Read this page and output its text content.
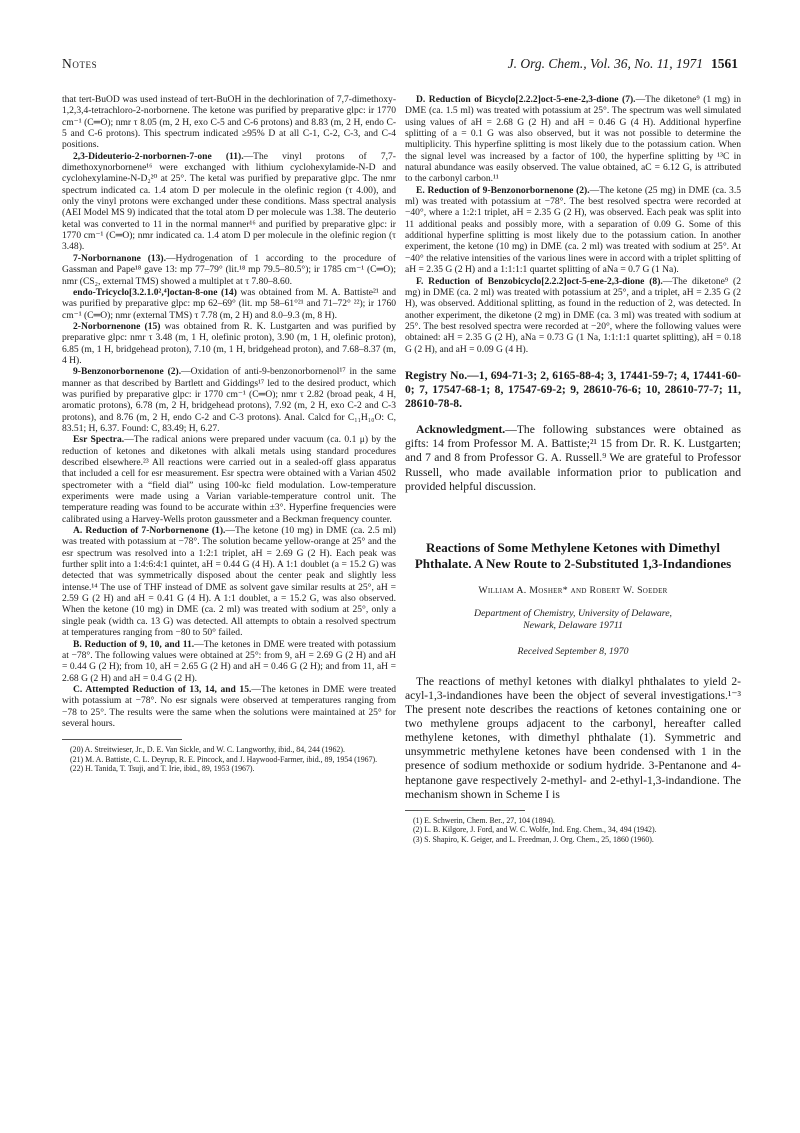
Notes	J. Org. Chem., Vol. 36, No. 11, 1971 1561

that tert-BuOD was used instead of tert-BuOH in the dechlorination of 7,7-dimethoxy-1,2,3,4-tetrachloro-2-norbornene. The ketone was purified by preparative glpc: ir 1770 cm⁻¹ (C═O); nmr τ 8.05 (m, 2 H, exo C-5 and C-6 protons) and 8.83 (m, 2 H, endo C-5 and C-6 protons). This spectrum indicated ≥95% D at all C-1, C-2, C-3, and C-4 positions.

2,3-Dideuterio-2-norbornen-7-one (11).—The vinyl protons of 7,7-dimethoxynorbornene¹⁶ were exchanged with lithium cyclohexylamide-N-D and cyclohexylamine-N-D₂²⁰ at 25°. The ketal was purified by preparative glpc. The nmr spectrum indicated ca. 1.4 atom D per molecule in the olefinic region (τ 4.00), and only the vinyl protons were exchanged under these conditions. Mass spectral analysis (AEI Model MS 9) indicated that the total atom D per molecule was 1.38. The deuterio ketal was converted to 11 in the normal manner¹⁶ and purified by preparative glpc: ir 1770 cm⁻¹ (C═O); nmr indicated ca. 1.4 atom D per molecule in the olefinic region (τ 3.48).

7-Norbornanone (13).—Hydrogenation of 1 according to the procedure of Gassman and Pape¹⁸ gave 13: mp 77–79° (lit.¹⁸ mp 79.5–80.5°); ir 1785 cm⁻¹ (C═O); nmr (CS₂, external TMS) showed a multiplet at τ 7.80–8.60.

endo-Tricyclo[3.2.1.0²,⁴]octan-8-one (14) was obtained from M. A. Battiste²¹ and was purified by preparative glpc: mp 62–69° (lit. mp 58–61°²¹ and 71–72° ²²); ir 1760 cm⁻¹ (C═O); nmr (external TMS) τ 7.78 (m, 2 H) and 8.0–9.3 (m, 8 H).

2-Norbornenone (15) was obtained from R. K. Lustgarten and was purified by preparative glpc: nmr τ 3.48 (m, 1 H, olefinic proton), 3.90 (m, 1 H, olefinic proton), 6.85 (m, 1 H, bridgehead proton), 7.10 (m, 1 H, bridgehead proton), and 7.68–8.37 (m, 4 H).

9-Benzonorbornenone (2).—Oxidation of anti-9-benzonorbornenol¹⁷ in the same manner as that described by Bartlett and Giddings¹⁷ led to the desired product, which was purified by preparative glpc: ir 1770 cm⁻¹ (C═O); nmr τ 2.82 (broad peak, 4 H, aromatic protons), 6.78 (m, 2 H, bridgehead protons), 7.92 (m, 2 H, exo C-2 and C-3 protons), and 8.76 (m, 2 H, endo C-2 and C-3 protons). Anal. Calcd for C₁₁H₁₀O: C, 83.51; H, 6.37. Found: C, 83.49; H, 6.27.

Esr Spectra.—The radical anions were prepared under vacuum (ca. 0.1 μ) by the reduction of ketones and diketones with alkali metals using standard procedures described elsewhere.²³ All reactions were carried out in a sealed-off glass apparatus that included a cell for esr measurement. Esr spectra were obtained with a Varian 4502 spectrometer with a “field dial” using 100-kc field modulation. Low-temperature experiments were made using a Varian variable-temperature control unit. The temperature reading was found to be accurate within ±3°. Hyperfine frequencies were calibrated using a Harvey-Wells proton gaussmeter and a Beckman frequency counter.

A. Reduction of 7-Norbornenone (1).—The ketone (10 mg) in DME (ca. 2.5 ml) was treated with potassium at −78°. The solution became yellow-orange at 25° and the esr spectrum was resolved into a 1:2:1 triplet, aH = 2.69 G (2 H). Each peak was further split into a 1:4:6:4:1 quintet, aH = 0.44 G (4 H). A 1:1 doublet (a = 15.2 G) was detected that was symmetrically disposed about the center peak and slightly less intense.¹⁴ The use of THF instead of DME as solvent gave similar results at 25°, aH = 2.59 G (2 H) and aH = 0.41 G (4 H). A 1:1 doublet, a = 15.2 G, was also observed. When the ketone (10 mg) in DME (ca. 2 ml) was treated with sodium at 25°, only a single peak (width ca. 13 G) was detected. All attempts to obtain a resolved spectrum at temperatures ranging from −80 to 50° failed.

B. Reduction of 9, 10, and 11.—The ketones in DME were treated with potassium at −78°. The following values were obtained at 25°: from 9, aH = 2.69 G (2 H) and aH = 0.44 G (2 H); from 10, aH = 2.65 G (2 H) and aH = 0.46 G (2 H); and from 11, aH = 2.68 G (2 H) and aH = 0.4 G (2 H).

C. Attempted Reduction of 13, 14, and 15.—The ketones in DME were treated with potassium at −78°. No esr signals were observed at temperatures ranging from −78 to 25°. The results were the same when the solutions were maintained at 25° for several hours.

(20) A. Streitwieser, Jr., D. E. Van Sickle, and W. C. Langworthy, ibid., 84, 244 (1962).

(21) M. A. Battiste, C. L. Deyrup, R. E. Pincock, and J. Haywood-Farmer, ibid., 89, 1954 (1967).

(22) H. Tanida, T. Tsuji, and T. Irie, ibid., 89, 1953 (1967).

D. Reduction of Bicyclo[2.2.2]oct-5-ene-2,3-dione (7).—The diketone⁹ (1 mg) in DME (ca. 1.5 ml) was treated with potassium at 25°. The spectrum was well simulated using values of aH = 2.68 G (2 H) and aH = 0.46 G (4 H). Additional hyperfine splitting of a = 0.1 G was also observed, but it was not possible to determine the multiplicity. This hyperfine splitting is most likely due to the potassium cation. When the signal level was increased by a factor of 100, the hyperfine splitting by ¹³C in natural abundance was easily observed. The value obtained, aC = 6.12 G, is attributed to the carbonyl carbon.¹¹

E. Reduction of 9-Benzonorbornenone (2).—The ketone (25 mg) in DME (ca. 3.5 ml) was treated with potassium at −78°. The best resolved spectra were recorded at −40°, where a 1:2:1 triplet, aH = 2.35 G (2 H), was observed. Each peak was split into 11 additional peaks and possibly more, with a separation of 0.09 G. Some of this additional hyperfine splitting is most likely due to the potassium cation. In another experiment, the ketone (10 mg) in DME (ca. 2 ml) was treated with sodium at 25°. At −40° the relative intensities of the various lines were in accord with a triplet splitting of aH = 2.35 G (2 H) and a 1:1:1:1 quartet splitting of aNa = 0.7 G (1 Na).

F. Reduction of Benzobicyclo[2.2.2]oct-5-ene-2,3-dione (8).—The diketone⁹ (2 mg) in DME (ca. 2 ml) was treated with potassium at 25°, and a triplet, aH = 2.35 G (2 H), was observed. Additional splitting, as found in the reduction of 2, was detected. In another experiment, the diketone (2 mg) in DME (ca. 3 ml) was treated with sodium at 25°. The best resolved spectra were recorded at −20°, where the following values were obtained: aH = 2.35 G (2 H), aNa = 0.73 G (1 Na, 1:1:1:1 quartet splitting), aH = 0.18 G (2 H), and aH = 0.09 G (4 H).

Registry No.—1, 694-71-3; 2, 6165-88-4; 3, 17441-59-7; 4, 17441-60-0; 7, 17547-68-1; 8, 17547-69-2; 9, 28610-76-6; 10, 28610-77-7; 11, 28610-78-8.

Acknowledgment.—The following substances were obtained as gifts: 14 from Professor M. A. Battiste;²¹ 15 from Dr. R. K. Lustgarten; and 7 and 8 from Professor G. A. Russell.⁹ We are grateful to Professor Russell, who made available information prior to publication and provided helpful discussion.

Reactions of Some Methylene Ketones with Dimethyl Phthalate. A New Route to 2-Substituted 1,3-Indandiones

William A. Mosher* and Robert W. Soeder

Department of Chemistry, University of Delaware,
Newark, Delaware 19711

Received September 8, 1970

The reactions of methyl ketones with dialkyl phthalates to yield 2-acyl-1,3-indandiones have been the object of several investigations.¹⁻³ The present note describes the reactions of ketones containing one or two methylene groups adjacent to the carbonyl, hereafter called methylene ketones, with dimethyl phthalate (1). Symmetric and unsymmetric methylene ketones have been condensed with 1 in the presence of sodium methoxide or sodium hydride. 3-Pentanone and 4-heptanone gave respectively 2-methyl- and 2-ethyl-1,3-indandione. The mechanism shown in Scheme I is

(1) E. Schwerin, Chem. Ber., 27, 104 (1894).

(2) L. B. Kilgore, J. Ford, and W. C. Wolfe, Ind. Eng. Chem., 34, 494 (1942).

(3) S. Shapiro, K. Geiger, and L. Freedman, J. Org. Chem., 25, 1860 (1960).
